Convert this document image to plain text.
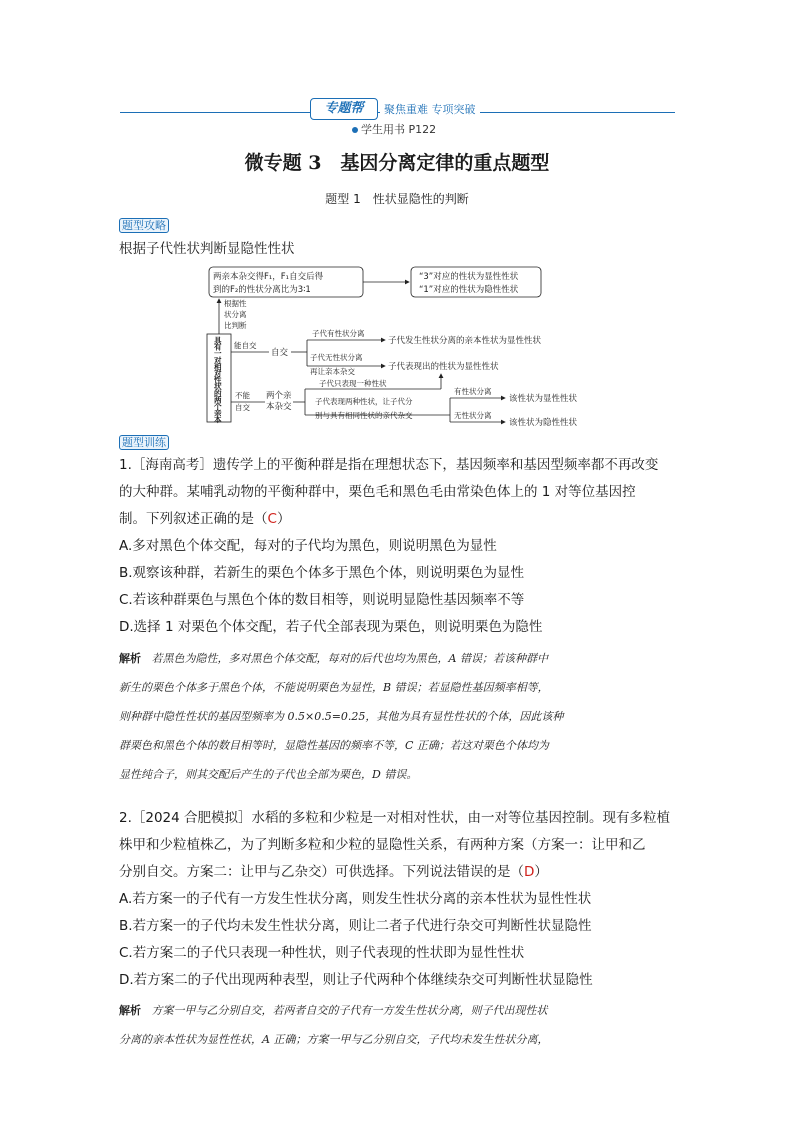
专题帮	聚焦重难 专项突破
学生用书 P122
微专题 3　基因分离定律的重点题型
题型 1　性状显隐性的判断
题型攻略
根据子代性状判断显隐性性状
两亲本杂交得F₁，F₁自交后得
到的F₂的性状分离比为3∶1
“3”对应的性状为显性性状
“1”对应的性状为隐性性状
根据性
状分离
比判断
具
有
一
对
相
对
性
状
的
两
个
亲
本
能自交
自交
子代有性状分离
子代发生性状分离的亲本性状为显性性状
子代无性状分离
再让亲本杂交	子代表现出的性状为显性性状
不能
自交
两个亲
本杂交
子代只表现一种性状
子代表现两种性状，让子代分
别与具有相同性状的亲代杂交
有性状分离
该性状为显性性状
无性状分离
该性状为隐性性状
题型训练
1.［海南高考］遗传学上的平衡种群是指在理想状态下，基因频率和基因型频率都不再改变
的大种群。某哺乳动物的平衡种群中，栗色毛和黑色毛由常染色体上的 1 对等位基因控
制。下列叙述正确的是（C）
A.多对黑色个体交配，每对的子代均为黑色，则说明黑色为显性
B.观察该种群，若新生的栗色个体多于黑色个体，则说明栗色为显性
C.若该种群栗色与黑色个体的数目相等，则说明显隐性基因频率不等
D.选择 1 对栗色个体交配，若子代全部表现为栗色，则说明栗色为隐性
解析 若黑色为隐性，多对黑色个体交配，每对的后代也均为黑色，A 错误；若该种群中
新生的栗色个体多于黑色个体，不能说明栗色为显性，B 错误；若显隐性基因频率相等，
则种群中隐性性状的基因型频率为 0.5×0.5=0.25，其他为具有显性性状的个体，因此该种
群栗色和黑色个体的数目相等时，显隐性基因的频率不等，C 正确；若这对栗色个体均为
显性纯合子，则其交配后产生的子代也全部为栗色，D 错误。
2.［2024 合肥模拟］水稻的多粒和少粒是一对相对性状，由一对等位基因控制。现有多粒植
株甲和少粒植株乙，为了判断多粒和少粒的显隐性关系，有两种方案（方案一：让甲和乙
分别自交。方案二：让甲与乙杂交）可供选择。下列说法错误的是（D）
A.若方案一的子代有一方发生性状分离，则发生性状分离的亲本性状为显性性状
B.若方案一的子代均未发生性状分离，则让二者子代进行杂交可判断性状显隐性
C.若方案二的子代只表现一种性状，则子代表现的性状即为显性性状
D.若方案二的子代出现两种表型，则让子代两种个体继续杂交可判断性状显隐性
解析 方案一甲与乙分别自交，若两者自交的子代有一方发生性状分离，则子代出现性状
分离的亲本性状为显性性状，A 正确；方案一甲与乙分别自交，子代均未发生性状分离，
